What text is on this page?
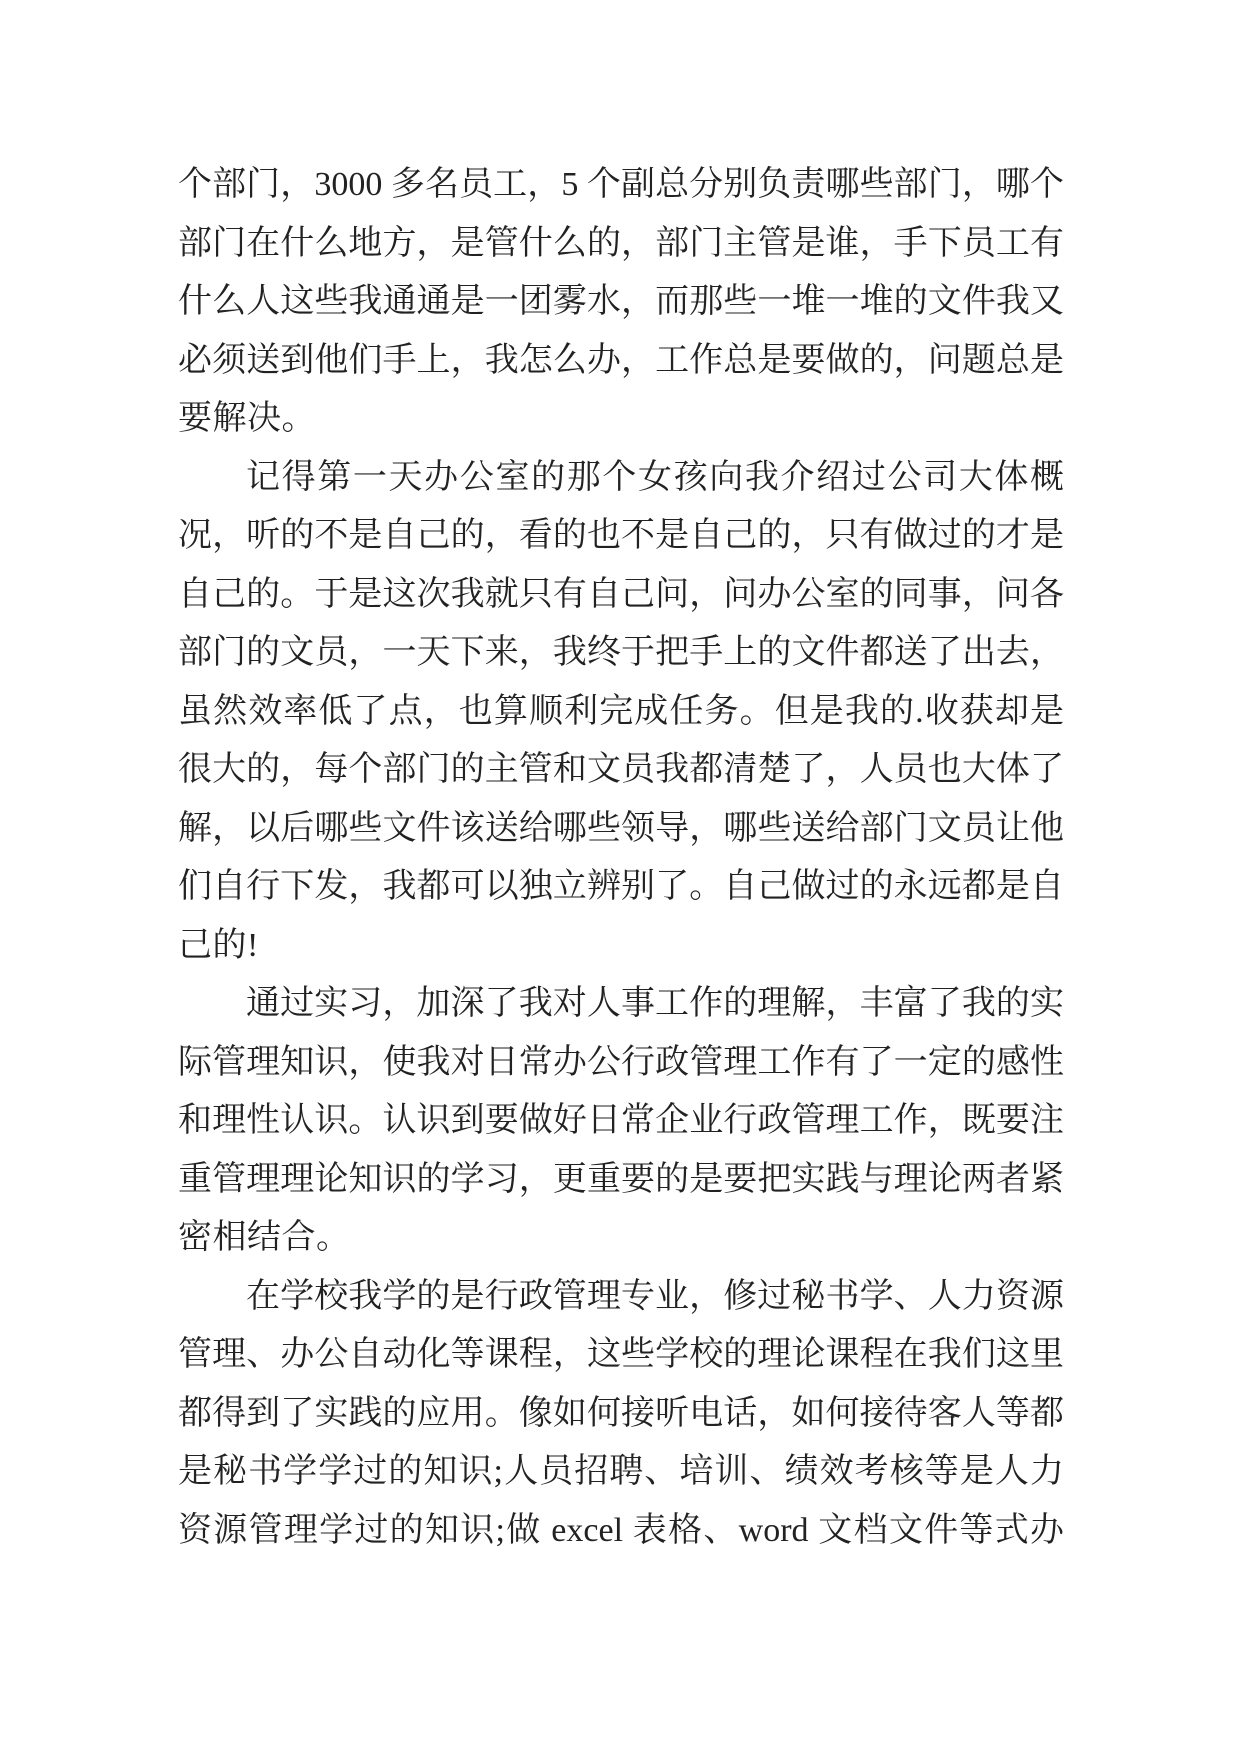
个部门，3000 多名员工，5 个副总分别负责哪些部门，哪个
部门在什么地方，是管什么的，部门主管是谁，手下员工有
什么人这些我通通是一团雾水，而那些一堆一堆的文件我又
必须送到他们手上，我怎么办，工作总是要做的，问题总是
要解决。
记得第一天办公室的那个女孩向我介绍过公司大体概
况，听的不是自己的，看的也不是自己的，只有做过的才是
自己的。于是这次我就只有自己问，问办公室的同事，问各
部门的文员，一天下来，我终于把手上的文件都送了出去，
虽然效率低了点，也算顺利完成任务。但是我的.收获却是
很大的，每个部门的主管和文员我都清楚了，人员也大体了
解，以后哪些文件该送给哪些领导，哪些送给部门文员让他
们自行下发，我都可以独立辨别了。自己做过的永远都是自
己的!
通过实习，加深了我对人事工作的理解，丰富了我的实
际管理知识，使我对日常办公行政管理工作有了一定的感性
和理性认识。认识到要做好日常企业行政管理工作，既要注
重管理理论知识的学习，更重要的是要把实践与理论两者紧
密相结合。
在学校我学的是行政管理专业，修过秘书学、人力资源
管理、办公自动化等课程，这些学校的理论课程在我们这里
都得到了实践的应用。像如何接听电话，如何接待客人等都
是秘书学学过的知识;人员招聘、培训、绩效考核等是人力
资源管理学过的知识;做 excel 表格、word 文档文件等式办
